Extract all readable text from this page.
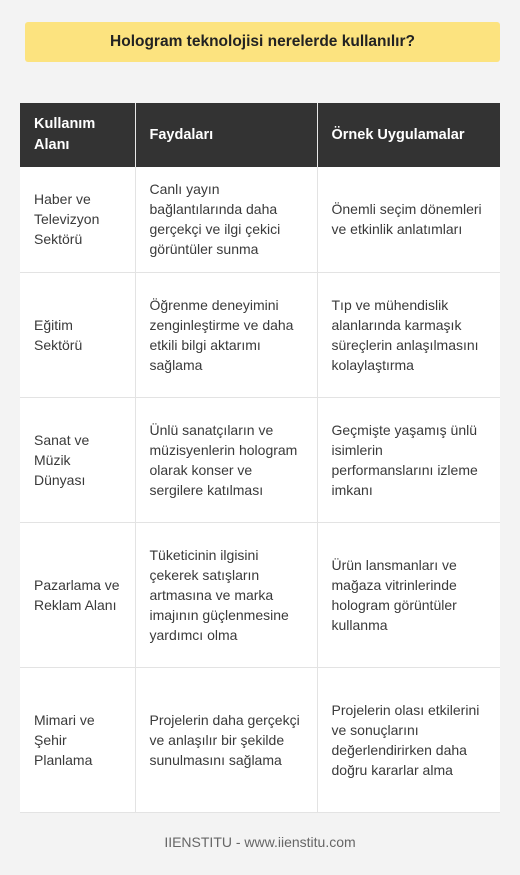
Hologram teknolojisi nerelerde kullanılır?
Kullanım Alanı	Faydaları	Örnek Uygulamalar
Haber ve Televizyon Sektörü	Canlı yayın bağlantılarında daha gerçekçi ve ilgi çekici görüntüler sunma	Önemli seçim dönemleri ve etkinlik anlatımları
Eğitim Sektörü	Öğrenme deneyimini zenginleştirme ve daha etkili bilgi aktarımı sağlama	Tıp ve mühendislik alanlarında karmaşık süreçlerin anlaşılmasını kolaylaştırma
Sanat ve Müzik Dünyası	Ünlü sanatçıların ve müzisyenlerin hologram olarak konser ve sergilere katılması	Geçmişte yaşamış ünlü isimlerin performanslarını izleme imkanı
Pazarlama ve Reklam Alanı	Tüketicinin ilgisini çekerek satışların artmasına ve marka imajının güçlenmesine yardımcı olma	Ürün lansmanları ve mağaza vitrinlerinde hologram görüntüler kullanma
Mimari ve Şehir Planlama	Projelerin daha gerçekçi ve anlaşılır bir şekilde sunulmasını sağlama	Projelerin olası etkilerini ve sonuçlarını değerlendirirken daha doğru kararlar alma
IIENSTITU - www.iienstitu.com
